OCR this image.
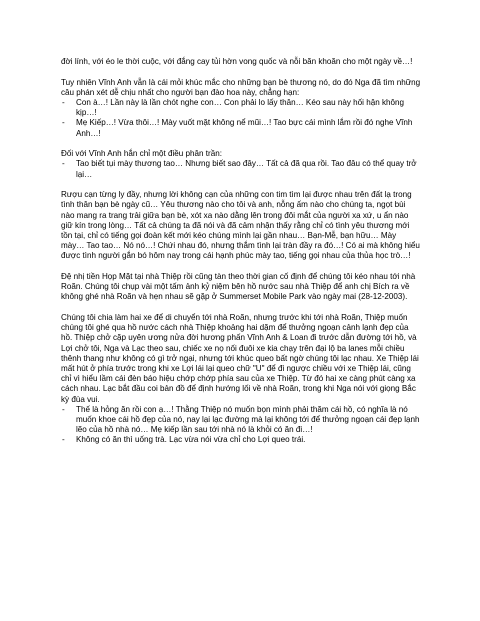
đời lính, với éo le thời cuộc, với đắng cay tủi hờn vong quốc và nỗi băn khoăn cho một ngày về…!

Tuy nhiên Vĩnh Anh vẫn là cái mỏi khúc mắc cho những bạn bè thương nó, do đó Nga đã tìm những câu phán xét dễ chịu nhất cho người bạn đào hoa này, chẳng hạn:

- Con à…! Lần này là lần chót nghe con… Con phải lo lấy thân… Kéo sau này hối hận không kịp…!

- Mẹ Kiếp…! Vừa thôi…! Mày vuốt mặt không nể mũi…! Tao bực cái mình lắm rồi đó nghe Vĩnh Anh…!

Đối với Vĩnh Anh hắn chỉ một điều phân trần:

- Tao biết tụi mày thương tao… Nhưng biết sao đây… Tất cả đã qua rồi. Tao đâu có thể quay trở lại…

Rượu cạn từng ly đầy, nhưng lời không cạn của những con tim tìm lại được nhau trên đất lạ trong tình thân bạn bè ngày cũ… Yêu thương nào cho tôi và anh, nỗng ấm nào cho chúng ta, ngọt bùi nào mang ra trang trải giữa bạn bè, xót xa nào dằng lên trong đôi mắt của người xa xứ, u ẩn nào giữ kín trong lòng… Tất cả chúng ta đã nói và đã cảm nhận thấy rằng chỉ có tình yêu thương mới tồn tại, chỉ có tiếng gọi đoàn kết mới kéo chúng mình lại gần nhau… Bạn-Mễ, bạn hữu… Mày mày… Tao tao… Nó nó…! Chứi nhau đó, nhưng thắm tình lại tràn đầy ra đó…! Có ai mà không hiểu được tình người gắn bó hôm nay trong cái hạnh phúc mày tao, tiếng gọi nhau của thủa học trò…!

Đệ nhị tiền Họp Mặt tại nhà Thiệp rồi cũng tàn theo thời gian cố định để chúng tôi kéo nhau tới nhà Roãn. Chúng tôi chụp vài một tấm ảnh kỷ niệm bên hồ nước sau nhà Thiệp để anh chị Bích ra về không ghé nhà Roãn và hẹn nhau sẽ gặp ở Summerset Mobile Park vào ngày mai (28-12-2003).

Chúng tôi chia làm hai xe để di chuyển tới nhà Roãn, nhưng trước khi tới nhà Roãn, Thiệp muốn chúng tôi ghé qua hồ nước cách nhà Thiệp khoảng hai dặm để thưởng ngoạn cảnh lạnh đẹp của hồ. Thiệp chở cặp uyên ương nửa đời hương phấn Vĩnh Anh & Loan đi trước dẫn đường tới hồ, và Lợi chở tôi, Nga và Lạc theo sau, chiếc xe nọ nối đuôi xe kia chạy trên đại lộ ba lanes mỗi chiều thênh thang như không có gì trở ngại, nhưng tới khúc queo bất ngờ chúng tôi lạc nhau. Xe Thiệp lái mất hút ở phía trước trong khi xe Lợi lái lại queo chữ "U" để đi ngược chiều với xe Thiệp lái, cũng chỉ vì hiểu lầm cái đèn báo hiệu chớp chớp phía sau của xe Thiệp. Từ đó hai xe càng phút càng xa cách nhau. Lạc bắt đầu coi bản đồ để định hướng lối về nhà Roãn, trong khi Nga nói với giọng Bắc kỳ đùa vui.

- Thế là hỏng ăn rồi con ạ…! Thằng Thiệp nó muốn bọn mình phải thăm cái hồ, có nghĩa là nó muốn khoe cái hồ đẹp của nó, nay lại lạc đường mà lại không tới để thưởng ngoạn cái đẹp lạnh lẽo của hồ nhà nó… Mẹ kiếp lần sau tới nhà nó là khỏi có ăn đi…!

- Không có ăn thì uống trà. Lạc vừa nói vừa chỉ cho Lợi queo trái.
